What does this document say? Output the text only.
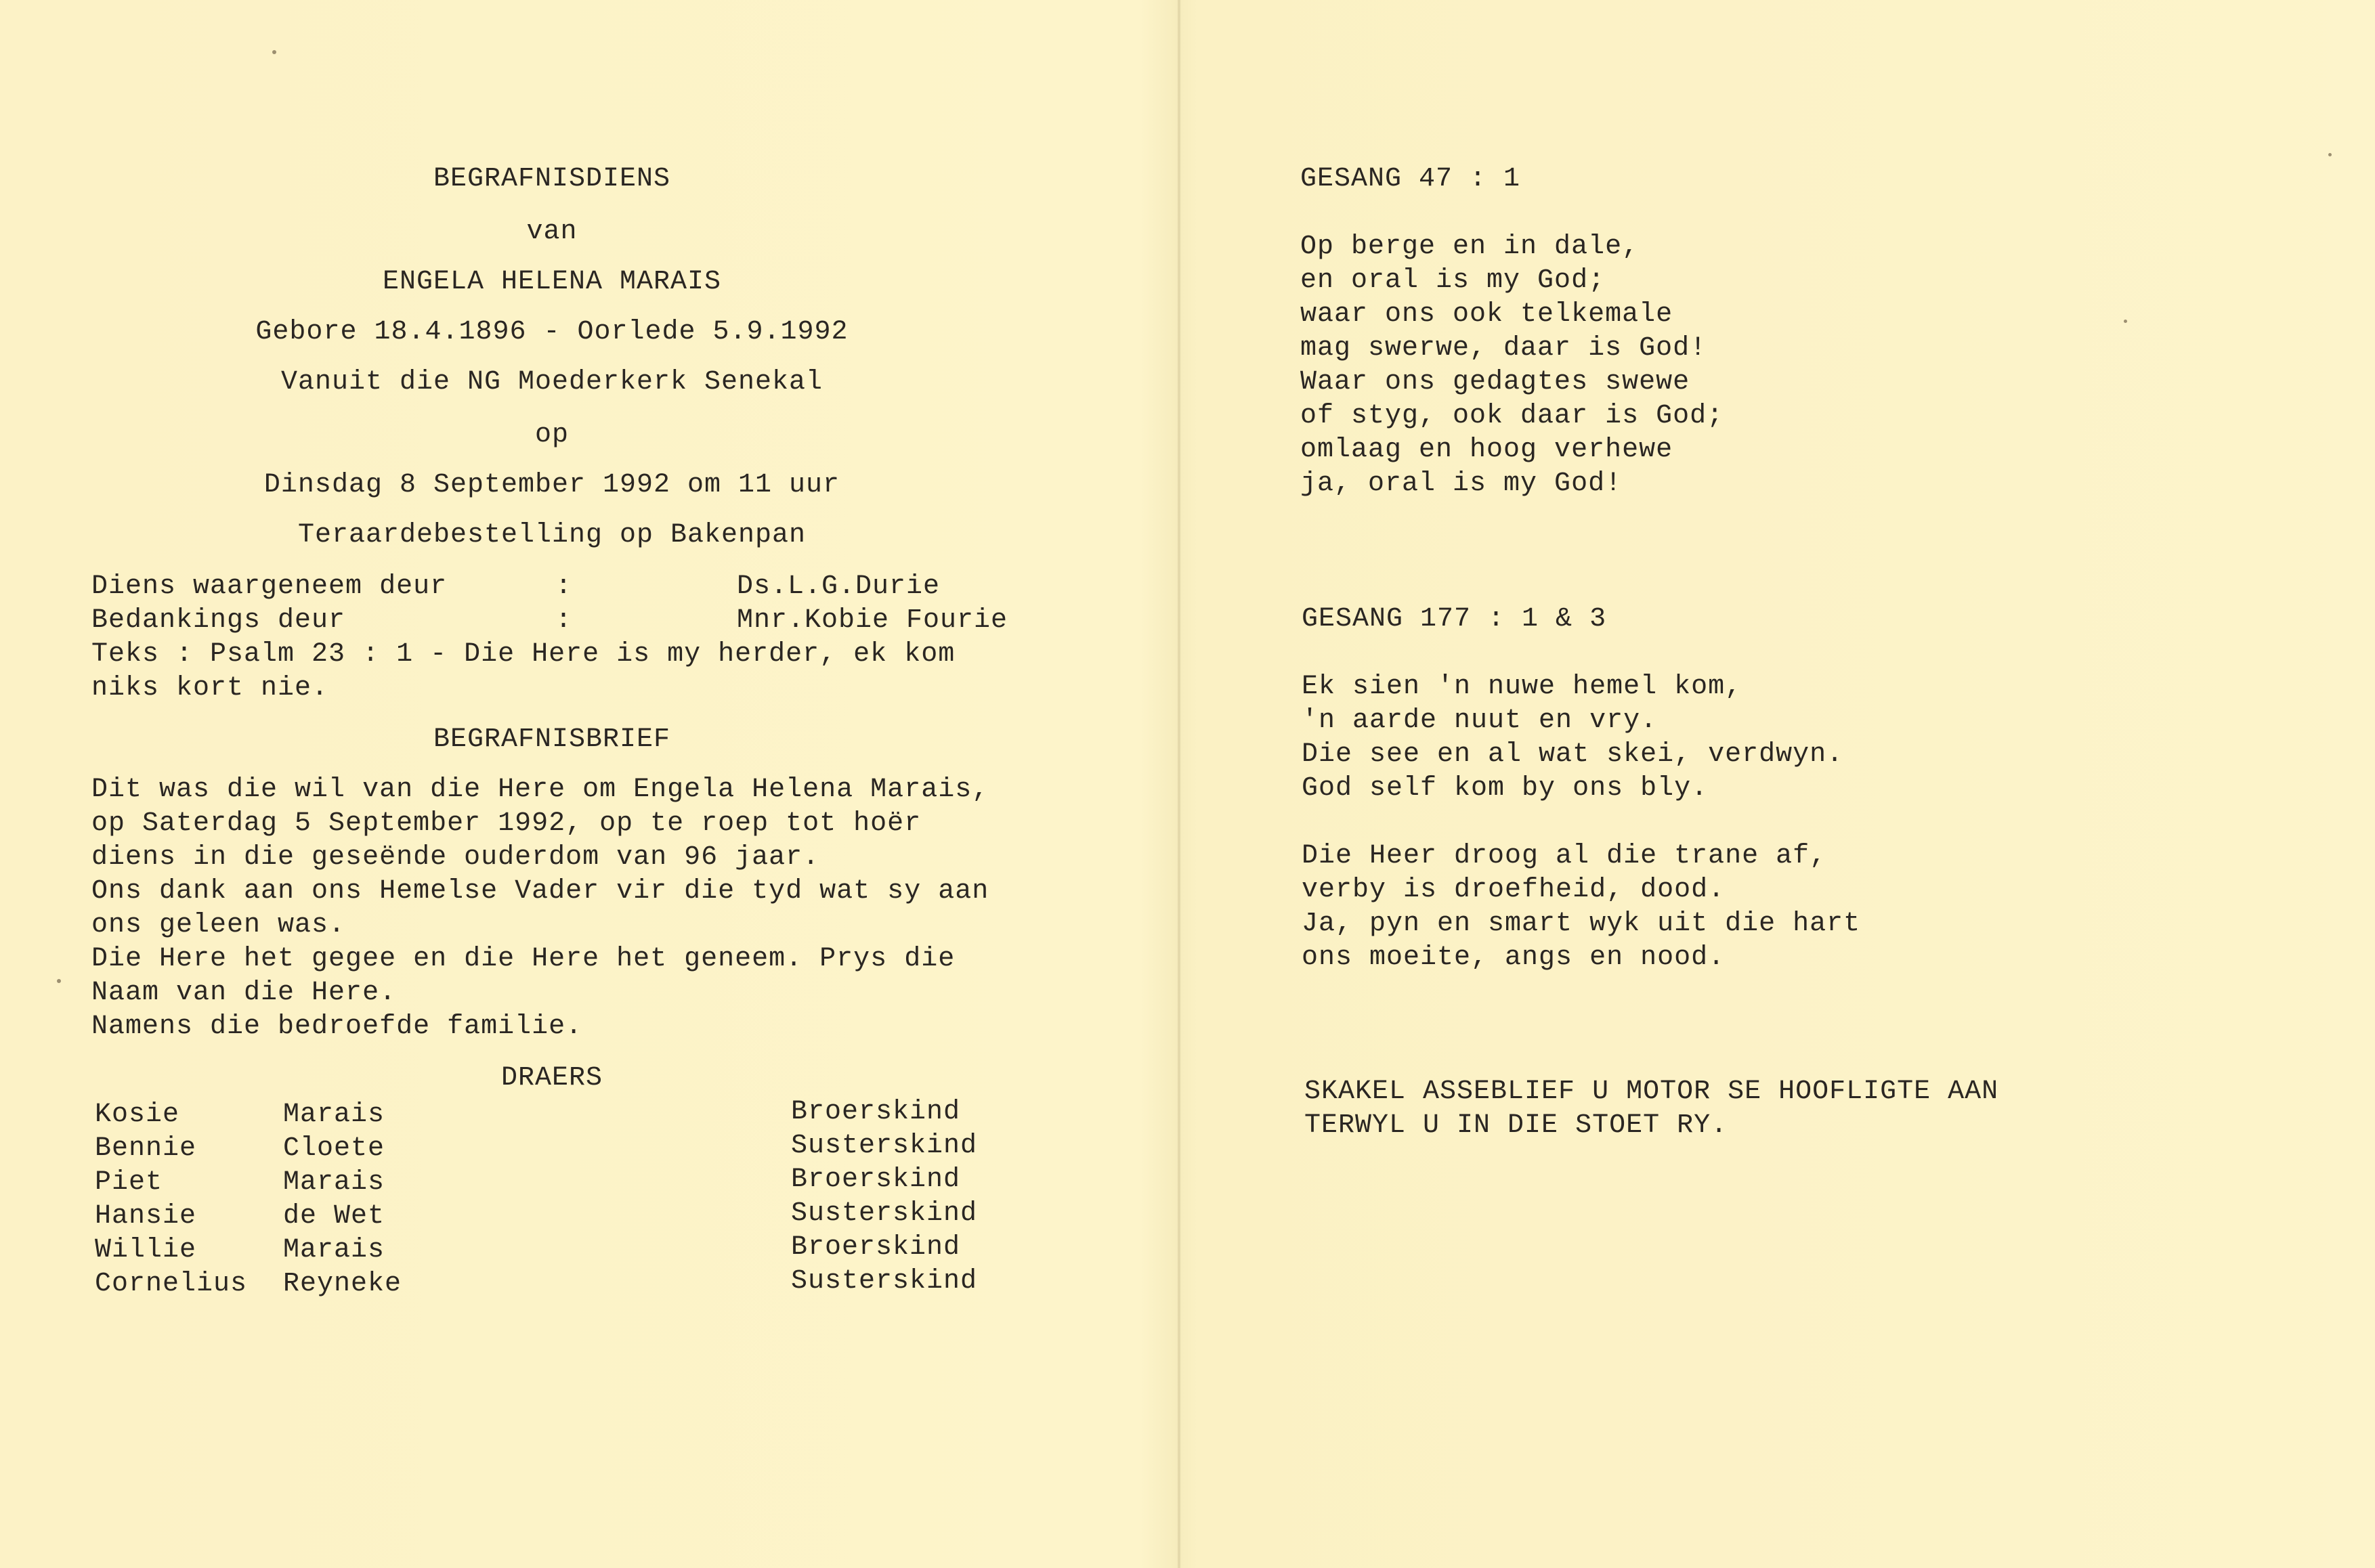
BEGRAFNISDIENS
van
ENGELA HELENA MARAIS
Gebore 18.4.1896 - Oorlede 5.9.1992
Vanuit die NG Moederkerk Senekal
op
Dinsdag 8 September 1992 om 11 uur
Teraardebestelling op Bakenpan
Diens waargeneem deur	:	Ds.L.G.Durie
Bedankings deur	:	Mnr.Kobie Fourie
Teks : Psalm 23 : 1 - Die Here is my herder, ek kom
niks kort nie.
BEGRAFNISBRIEF
Dit was die wil van die Here om Engela Helena Marais,
op Saterdag 5 September 1992, op te roep tot hoër
diens in die geseënde ouderdom van 96 jaar.
Ons dank aan ons Hemelse Vader vir die tyd wat sy aan
ons geleen was.
Die Here het gegee en die Here het geneem. Prys die
Naam van die Here.
Namens die bedroefde familie.
DRAERS
Kosie	Marais	Broerskind
Bennie	Cloete	Susterskind
Piet	Marais	Broerskind
Hansie	de Wet	Susterskind
Willie	Marais	Broerskind
Cornelius Reyneke	Susterskind
GESANG 47 : 1
Op berge en in dale,
en oral is my God;
waar ons ook telkemale
mag swerwe, daar is God!
Waar ons gedagtes swewe
of styg, ook daar is God;
omlaag en hoog verhewe
ja, oral is my God!
GESANG 177 : 1 & 3
Ek sien 'n nuwe hemel kom,
'n aarde nuut en vry.
Die see en al wat skei, verdwyn.
God self kom by ons bly.
Die Heer droog al die trane af,
verby is droefheid, dood.
Ja, pyn en smart wyk uit die hart
ons moeite, angs en nood.
SKAKEL ASSEBLIEF U MOTOR SE HOOFLIGTE AAN
TERWYL U IN DIE STOET RY.
